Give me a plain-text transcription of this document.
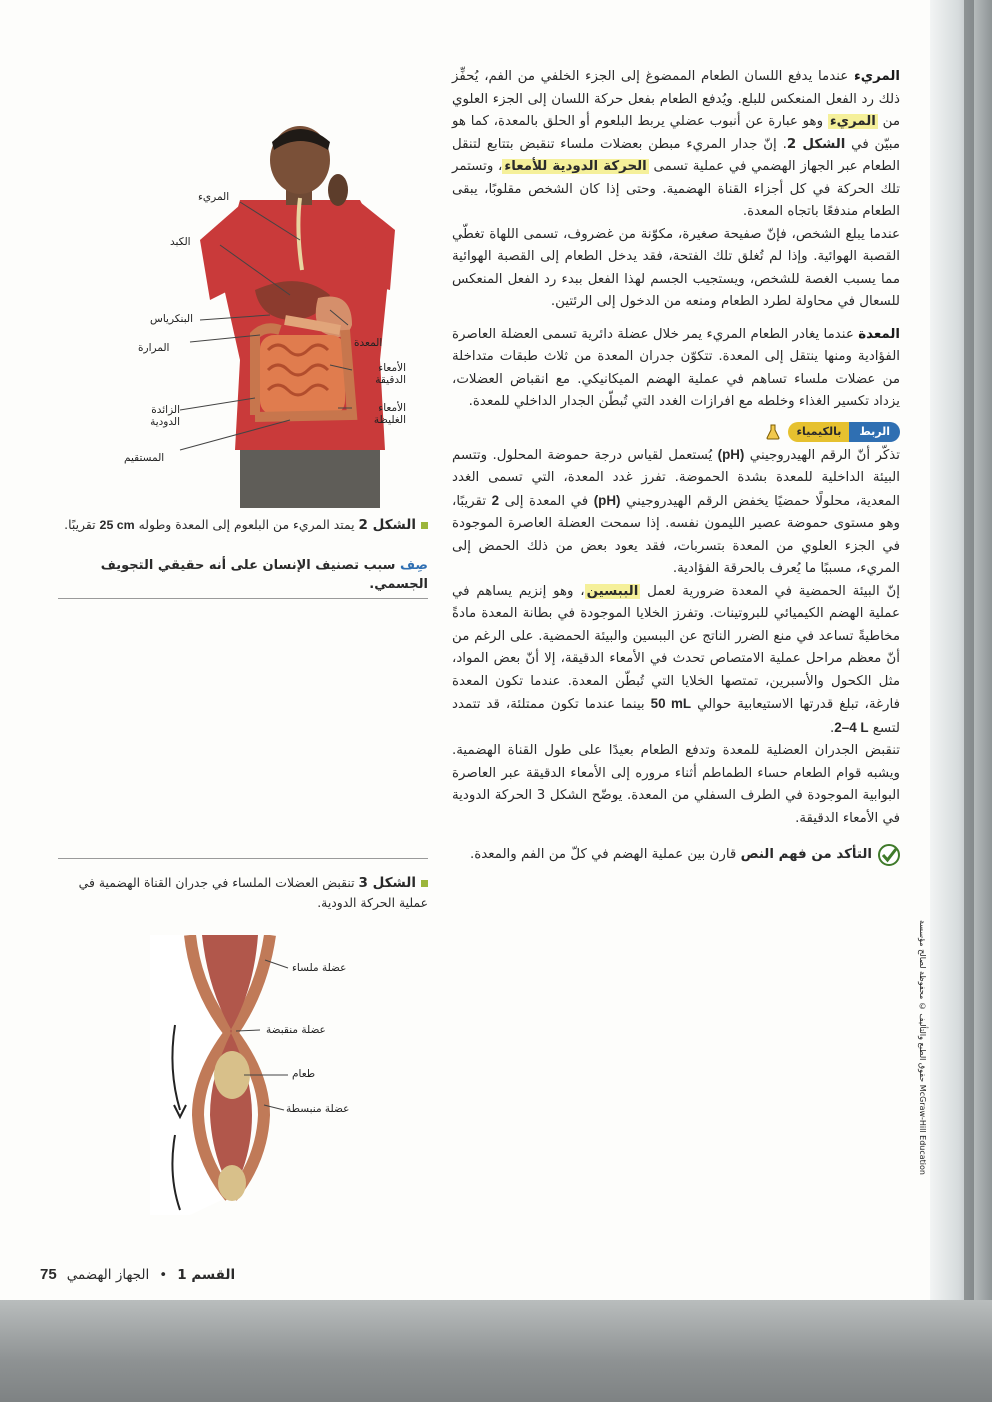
حقوق الطبع والتأليف © محفوظة لصالح مؤسسة McGraw-Hill Education

المريء عندما يدفع اللسان الطعام الممضوغ إلى الجزء الخلفي من الفم، يُحفِّز ذلك رد الفعل المنعكس للبلع. ويُدفع الطعام بفعل حركة اللسان إلى الجزء العلوي من المريء وهو عبارة عن أنبوب عضلي يربط البلعوم أو الحلق بالمعدة، كما هو مبيّن في الشكل 2. إنّ جدار المريء مبطن بعضلات ملساء تنقبض بتتابع لتنقل الطعام عبر الجهاز الهضمي في عملية تسمى الحركة الدودية للأمعاء، وتستمر تلك الحركة في كل أجزاء القناة الهضمية. وحتى إذا كان الشخص مقلوبًا، يبقى الطعام مندفعًا باتجاه المعدة.

عندما يبلع الشخص، فإنّ صفيحة صغيرة، مكوّنة من غضروف، تسمى اللهاة تغطّي القصبة الهوائية. وإذا لم تُغلق تلك الفتحة، فقد يدخل الطعام إلى القصبة الهوائية مما يسبب الغصة للشخص، ويستجيب الجسم لهذا الفعل ببدء رد الفعل المنعكس للسعال في محاولة لطرد الطعام ومنعه من الدخول إلى الرئتين.

المعدة عندما يغادر الطعام المريء يمر خلال عضلة دائرية تسمى العضلة العاصرة الفؤادية ومنها ينتقل إلى المعدة. تتكوّن جدران المعدة من ثلاث طبقات متداخلة من عضلات ملساء تساهم في عملية الهضم الميكانيكي. مع انقباض العضلات، يزداد تكسير الغذاء وخلطه مع افرازات الغدد التي تُبطّن الجدار الداخلي للمعدة.

الربط
بالكيمياء

تذكّر أنّ الرقم الهيدروجيني (pH) يُستعمل لقياس درجة حموضة المحلول. وتتسم البيئة الداخلية للمعدة بشدة الحموضة. تفرز غدد المعدة، التي تسمى الغدد المعدية، محلولًا حمضيًا يخفض الرقم الهيدروجيني (pH) في المعدة إلى 2 تقريبًا، وهو مستوى حموضة عصير الليمون نفسه. إذا سمحت العضلة العاصرة الموجودة في الجزء العلوي من المعدة بتسربات، فقد يعود بعض من ذلك الحمض إلى المريء، مسببًا ما يُعرف بالحرقة الفؤادية.

إنّ البيئة الحمضية في المعدة ضرورية لعمل الببسين، وهو إنزيم يساهم في عملية الهضم الكيميائي للبروتينات. وتفرز الخلايا الموجودة في بطانة المعدة مادةً مخاطيةً تساعد في منع الضرر الناتج عن الببسين والبيئة الحمضية. على الرغم من أنّ معظم مراحل عملية الامتصاص تحدث في الأمعاء الدقيقة، إلا أنّ بعض المواد، مثل الكحول والأسبرين، تمتصها الخلايا التي تُبطّن المعدة. عندما تكون المعدة فارغة، تبلغ قدرتها الاستيعابية حوالي 50 mL بينما عندما تكون ممتلئة، قد تتمدد لتسع 2–4 L.

تنقبض الجدران العضلية للمعدة وتدفع الطعام بعيدًا على طول القناة الهضمية. ويشبه قوام الطعام حساء الطماطم أثناء مروره إلى الأمعاء الدقيقة عبر العاصرة البوابية الموجودة في الطرف السفلي من المعدة. يوضّح الشكل 3 الحركة الدودية في الأمعاء الدقيقة.

التأكد من فهم النص قارن بين عملية الهضم في كلّ من الفم والمعدة.

المريء
الكبد
البنكرياس
المرارة	المعدة
الأمعاء الدقيقة
الزائدة الدودية
الأمعاء الغليظة
المستقيم
الشكل 2 يمتد المريء من البلعوم إلى المعدة وطوله 25 cm تقريبًا.
صِف سبب تصنيف الإنسان على أنه حقيقي التجويف الجسمي.
الشكل 3 تنقبض العضلات الملساء في جدران القناة الهضمية في عملية الحركة الدودية.
عضلة ملساء
عضلة منقبضة
طعام
عضلة منبسطة
75 الجهاز الهضمي • القسم 1
